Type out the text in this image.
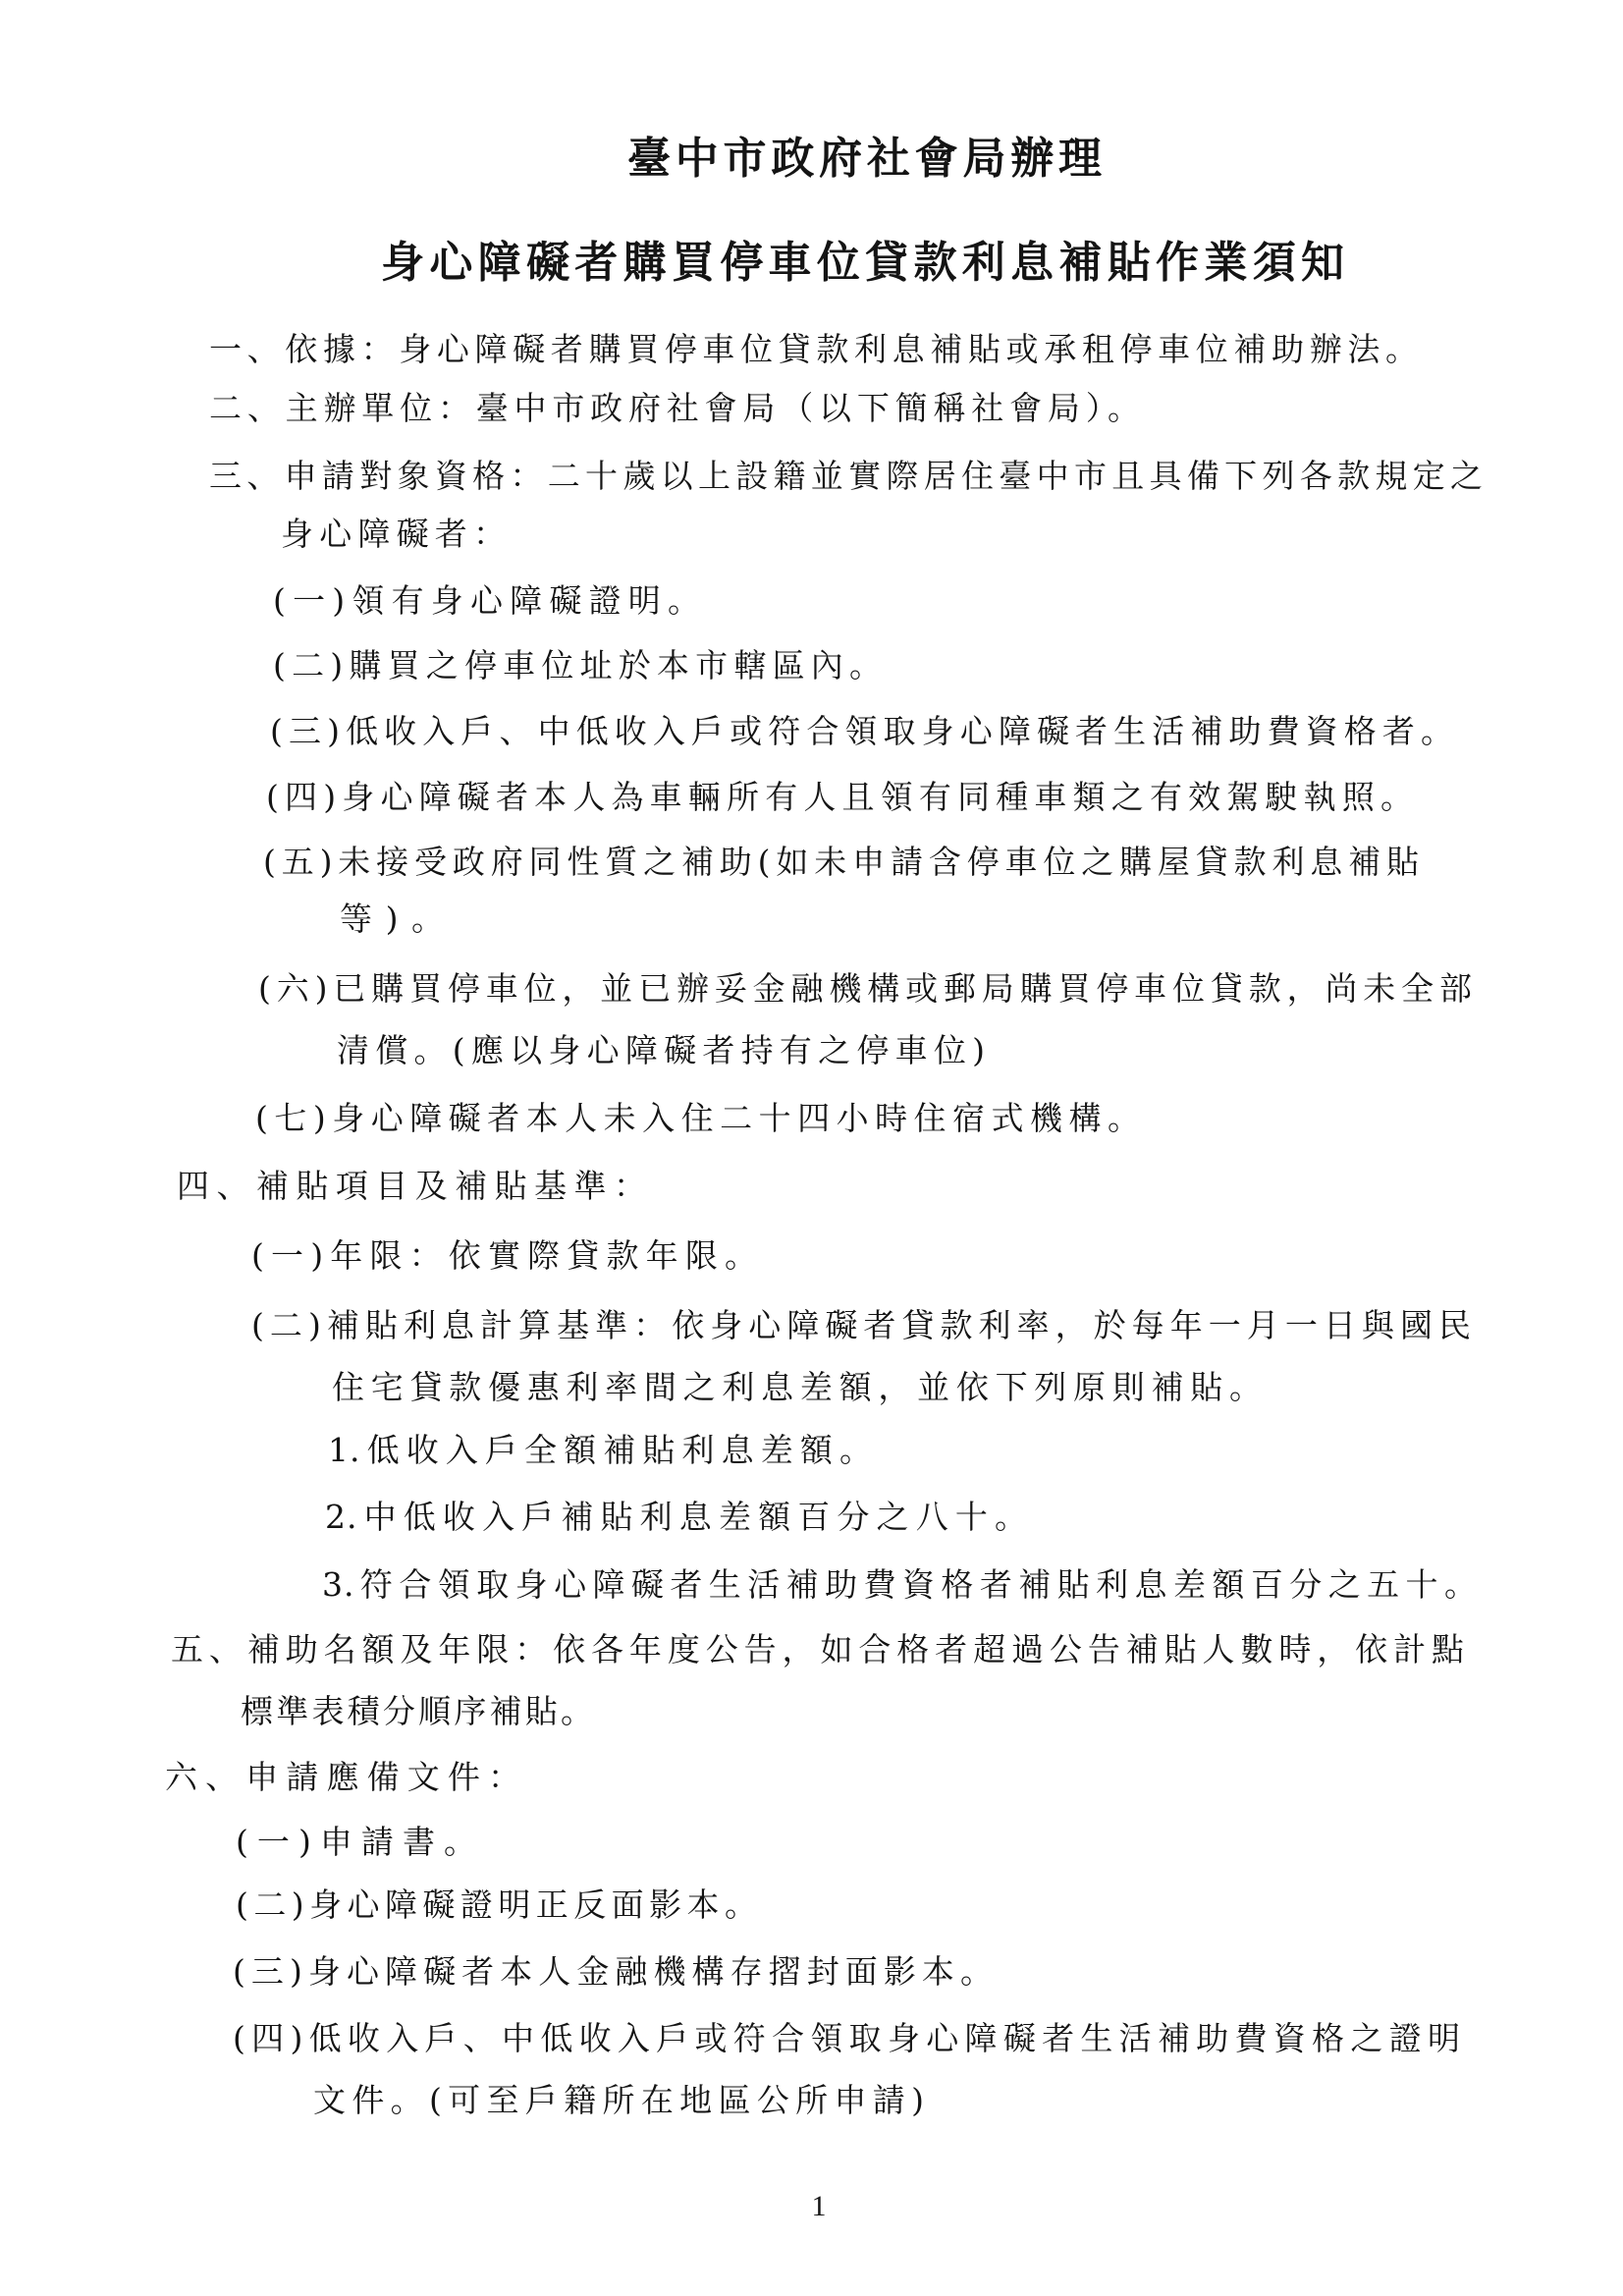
臺中市政府社會局辦理
身心障礙者購買停車位貸款利息補貼作業須知
一、依據：身心障礙者購買停車位貸款利息補貼或承租停車位補助辦法。
二、主辦單位：臺中市政府社會局（以下簡稱社會局）。
三、申請對象資格：二十歲以上設籍並實際居住臺中市且具備下列各款規定之
身心障礙者：
(一)領有身心障礙證明。
(二)購買之停車位址於本市轄區內。
(三)低收入戶、中低收入戶或符合領取身心障礙者生活補助費資格者。
(四)身心障礙者本人為車輛所有人且領有同種車類之有效駕駛執照。
(五)未接受政府同性質之補助(如未申請含停車位之購屋貸款利息補貼
等)。
(六)已購買停車位，並已辦妥金融機構或郵局購買停車位貸款，尚未全部
清償。(應以身心障礙者持有之停車位)
(七)身心障礙者本人未入住二十四小時住宿式機構。
四、補貼項目及補貼基準：
(一)年限：依實際貸款年限。
(二)補貼利息計算基準：依身心障礙者貸款利率，於每年一月一日與國民
住宅貸款優惠利率間之利息差額，並依下列原則補貼。
1.低收入戶全額補貼利息差額。
2.中低收入戶補貼利息差額百分之八十。
3.符合領取身心障礙者生活補助費資格者補貼利息差額百分之五十。
五、補助名額及年限：依各年度公告，如合格者超過公告補貼人數時，依計點
標準表積分順序補貼。
六、申請應備文件：
(一)申請書。
(二)身心障礙證明正反面影本。
(三)身心障礙者本人金融機構存摺封面影本。
(四)低收入戶、中低收入戶或符合領取身心障礙者生活補助費資格之證明
文件。(可至戶籍所在地區公所申請)
1
